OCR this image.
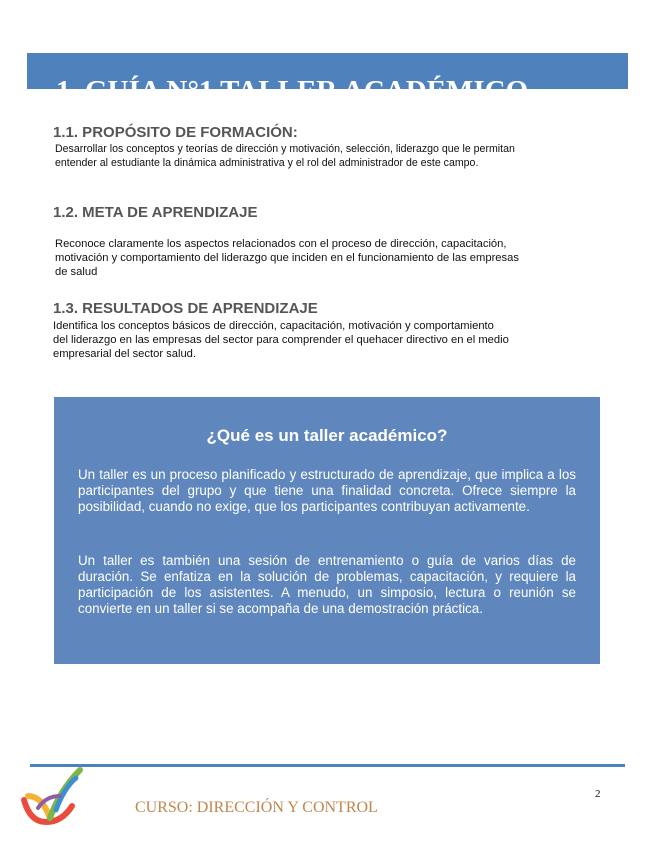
1. GUÍA N°1 TALLER ACADÉMICO
1.1. PROPÓSITO DE FORMACIÓN:

Desarrollar los conceptos y teorías de dirección y motivación, selección, liderazgo que le permitan
entender al estudiante la dinámica administrativa y el rol del administrador de este campo.

1.2. META DE APRENDIZAJE

Reconoce claramente los aspectos relacionados con el proceso de dirección, capacitación,
motivación y comportamiento del liderazgo que inciden en el funcionamiento de las empresas
de salud

1.3. RESULTADOS DE APRENDIZAJE

Identifica los conceptos básicos de dirección, capacitación, motivación y comportamiento
del liderazgo en las empresas del sector para comprender el quehacer directivo en el medio
empresarial del sector salud.

¿Qué es un taller académico?

Un taller es un proceso planificado y estructurado de aprendizaje, que implica a los participantes del grupo y que tiene una finalidad concreta. Ofrece siempre la posibilidad, cuando no exige, que los participantes contribuyan activamente.

Un taller es también una sesión de entrenamiento o guía de varios días de duración. Se enfatiza en la solución de problemas, capacitación, y requiere la participación de los asistentes. A menudo, un simposio, lectura o reunión se convierte en un taller si se acompaña de una demostración práctica.

CURSO: DIRECCIÓN Y CONTROL
2
